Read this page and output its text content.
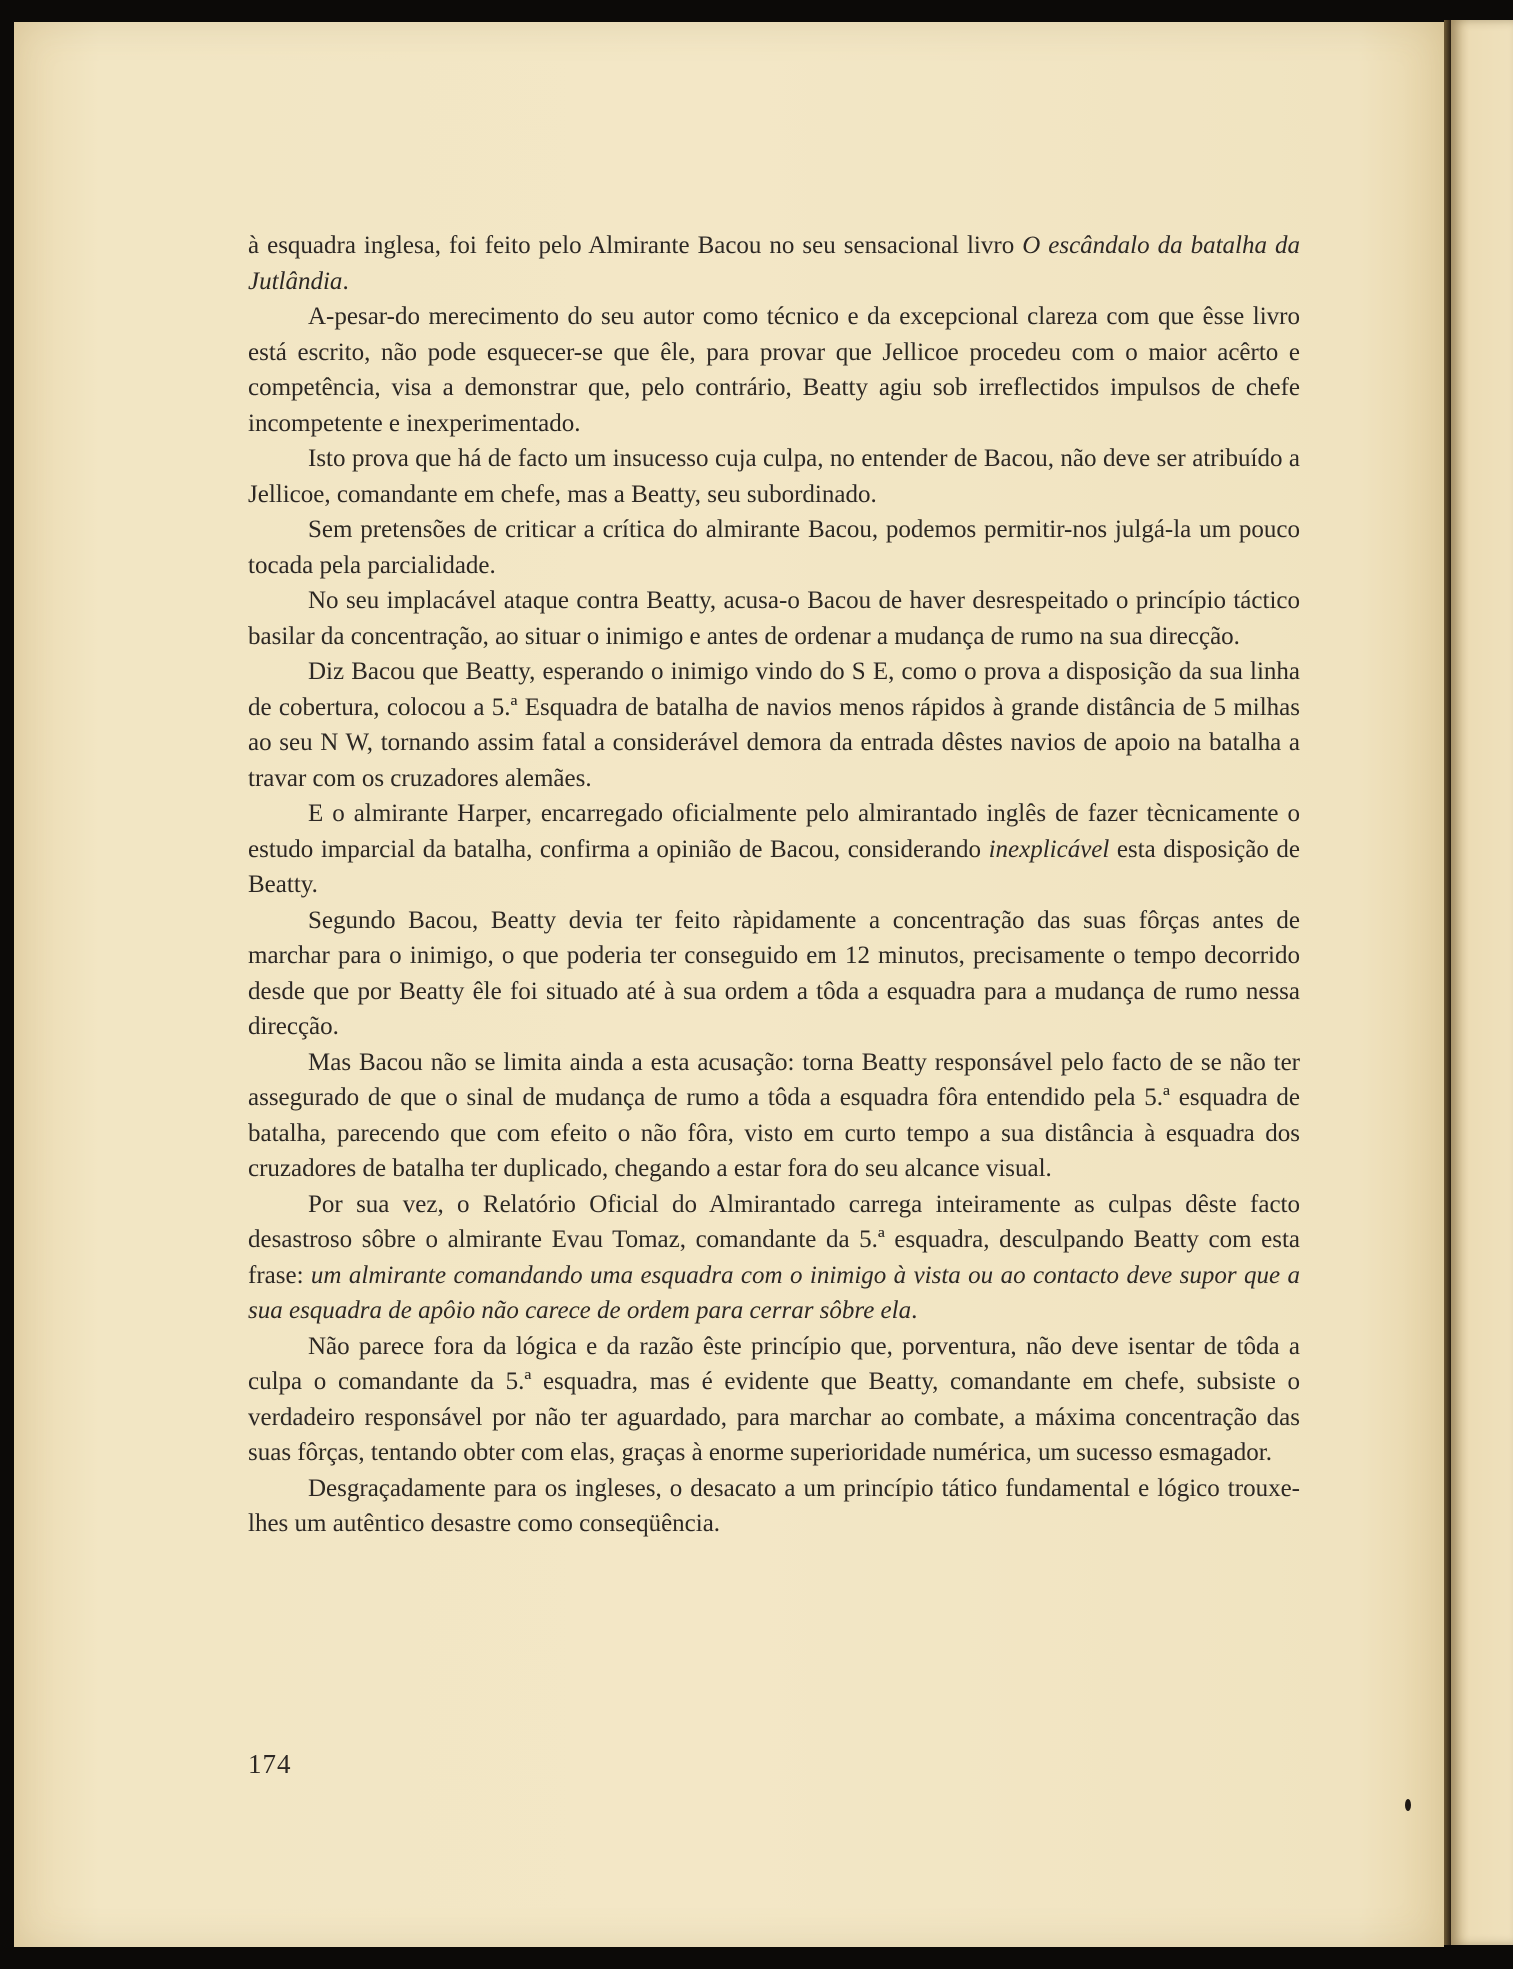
à esquadra inglesa, foi feito pelo Almirante Bacou no seu sensacional livro O escândalo da batalha da Jutlândia.

A-pesar-do merecimento do seu autor como técnico e da excepcional clareza com que êsse livro está escrito, não pode esquecer-se que êle, para provar que Jellicoe procedeu com o maior acêrto e competência, visa a demonstrar que, pelo contrário, Beatty agiu sob irreflectidos impulsos de chefe incompetente e inexperimentado.

Isto prova que há de facto um insucesso cuja culpa, no entender de Bacou, não deve ser atribuído a Jellicoe, comandante em chefe, mas a Beatty, seu subordinado.

Sem pretensões de criticar a crítica do almirante Bacou, podemos permitir-nos julgá-la um pouco tocada pela parcialidade.

No seu implacável ataque contra Beatty, acusa-o Bacou de haver desrespeitado o princípio táctico basilar da concentração, ao situar o inimigo e antes de ordenar a mudança de rumo na sua direcção.

Diz Bacou que Beatty, esperando o inimigo vindo do S E, como o prova a disposição da sua linha de cobertura, colocou a 5.ª Esquadra de batalha de navios menos rápidos à grande distância de 5 milhas ao seu N W, tornando assim fatal a considerável demora da entrada dêstes navios de apoio na batalha a travar com os cruzadores alemães.

E o almirante Harper, encarregado oficialmente pelo almirantado inglês de fazer tècnicamente o estudo imparcial da batalha, confirma a opinião de Bacou, considerando inexplicável esta disposição de Beatty.

Segundo Bacou, Beatty devia ter feito ràpidamente a concentração das suas fôrças antes de marchar para o inimigo, o que poderia ter conseguido em 12 minutos, precisamente o tempo decorrido desde que por Beatty êle foi situado até à sua ordem a tôda a esquadra para a mudança de rumo nessa direcção.

Mas Bacou não se limita ainda a esta acusação: torna Beatty responsável pelo facto de se não ter assegurado de que o sinal de mudança de rumo a tôda a esquadra fôra entendido pela 5.ª esquadra de batalha, parecendo que com efeito o não fôra, visto em curto tempo a sua distância à esquadra dos cruzadores de batalha ter duplicado, chegando a estar fora do seu alcance visual.

Por sua vez, o Relatório Oficial do Almirantado carrega inteiramente as culpas dêste facto desastroso sôbre o almirante Evau Tomaz, comandante da 5.ª esquadra, desculpando Beatty com esta frase: um almirante comandando uma esquadra com o inimigo à vista ou ao contacto deve supor que a sua esquadra de apôio não carece de ordem para cerrar sôbre ela.

Não parece fora da lógica e da razão êste princípio que, porventura, não deve isentar de tôda a culpa o comandante da 5.ª esquadra, mas é evidente que Beatty, comandante em chefe, subsiste o verdadeiro responsável por não ter aguardado, para marchar ao combate, a máxima concentração das suas fôrças, tentando obter com elas, graças à enorme superioridade numérica, um sucesso esmagador.

Desgraçadamente para os ingleses, o desacato a um princípio tático fundamental e lógico trouxe-lhes um autêntico desastre como conseqüência.

174
